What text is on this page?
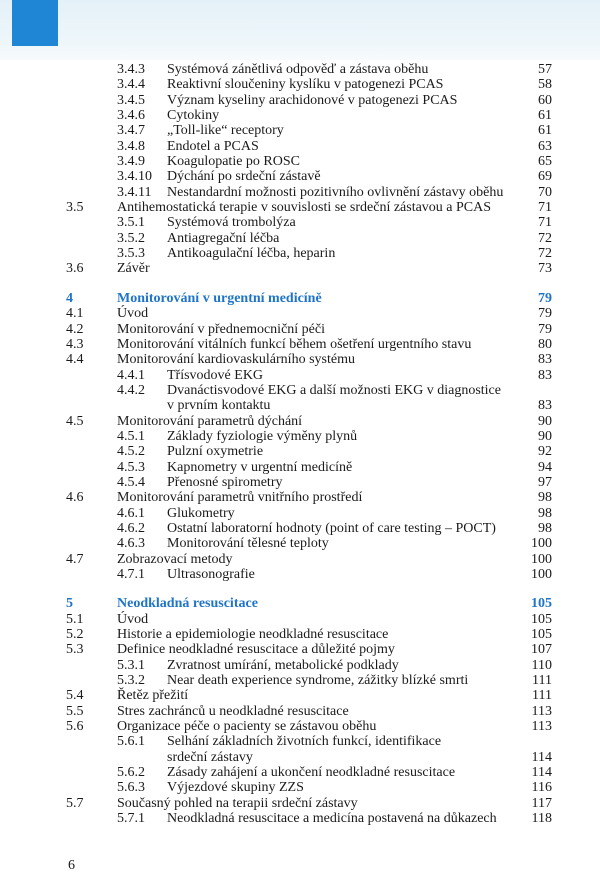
3.4.3 Systémová zánětlivá odpověď a zástava oběhu	57
3.4.4 Reaktivní sloučeniny kyslíku v patogenezi PCAS	58
3.4.5 Význam kyseliny arachidonové v patogenezi PCAS	60
3.4.6 Cytokiny	61
3.4.7 „Toll-like“ receptory	61
3.4.8 Endotel a PCAS	63
3.4.9 Koagulopatie po ROSC	65
3.4.10 Dýchání po srdeční zástavě	69
3.4.11 Nestandardní možnosti pozitivního ovlivnění zástavy oběhu 70
3.5 Antihemostatická terapie v souvislosti se srdeční zástavou a PCAS	71
3.5.1 Systémová trombolýza	71
3.5.2 Antiagregační léčba	72
3.5.3 Antikoagulační léčba, heparin	72
3.6 Závěr	73
4	Monitorování v urgentní medicíně	79
4.1 Úvod	79
4.2 Monitorování v přednemocniční péči	79
4.3 Monitorování vitálních funkcí během ošetření urgentního stavu	80
4.4 Monitorování kardiovaskulárního systému	83
4.4.1 Třísvodové EKG	83
4.4.2 Dvanáctisvodové EKG a další možnosti EKG v diagnostice
v prvním kontaktu	83
4.5 Monitorování parametrů dýchání	90
4.5.1 Základy fyziologie výměny plynů	90
4.5.2 Pulzní oxymetrie	92
4.5.3 Kapnometry v urgentní medicíně	94
4.5.4 Přenosné spirometry	97
4.6 Monitorování parametrů vnitřního prostředí	98
4.6.1 Glukometry	98
4.6.2 Ostatní laboratorní hodnoty (point of care testing – POCT)	98
4.6.3 Monitorování tělesné teploty	100
4.7 Zobrazovací metody	100
4.7.1 Ultrasonografie	100
5	Neodkladná resuscitace	105
5.1 Úvod	105
5.2 Historie a epidemiologie neodkladné resuscitace	105
5.3 Definice neodkladné resuscitace a důležité pojmy	107
5.3.1 Zvratnost umírání, metabolické podklady	110
5.3.2 Near death experience syndrome, zážitky blízké smrti	111
5.4 Řetěz přežití	111
5.5 Stres zachránců u neodkladné resuscitace	113
5.6 Organizace péče o pacienty se zástavou oběhu	113
5.6.1 Selhání základních životních funkcí, identifikace
srdeční zástavy	114
5.6.2 Zásady zahájení a ukončení neodkladné resuscitace	114
5.6.3 Výjezdové skupiny ZZS	116
5.7 Současný pohled na terapii srdeční zástavy	117
5.7.1 Neodkladná resuscitace a medicína postavená na důkazech 118
6
